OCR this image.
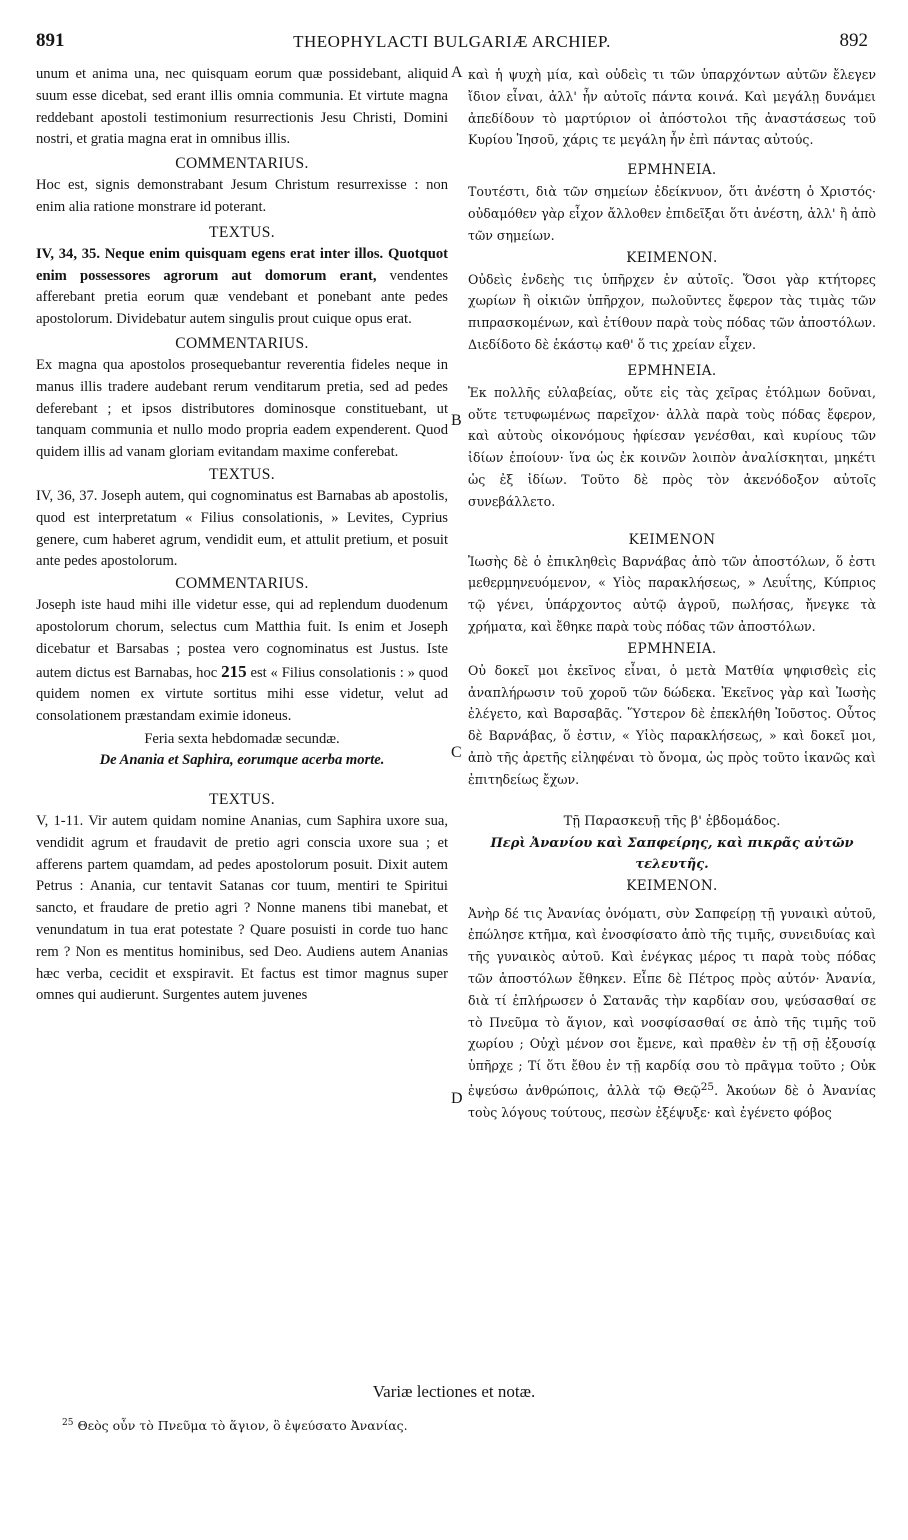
891	THEOPHYLACTI BULGARIÆ ARCHIEP.	892
A
B
C
D

unum et anima una, nec quisquam eorum quæ possidebant, aliquid suum esse dicebat, sed erant illis omnia communia. Et virtute magna reddebant apostoli testimonium resurrectionis Jesu Christi, Domini nostri, et gratia magna erat in omnibus illis.

COMMENTARIUS.

Hoc est, signis demonstrabant Jesum Christum resurrexisse : non enim alia ratione monstrare id poterant.

TEXTUS.

IV, 34, 35. Neque enim quisquam egens erat inter illos. Quotquot enim possessores agrorum aut domorum erant, vendentes afferebant pretia eorum quæ vendebant et ponebant ante pedes apostolorum. Dividebatur autem singulis prout cuique opus erat.

COMMENTARIUS.

Ex magna qua apostolos prosequebantur reverentia fideles neque in manus illis tradere audebant rerum venditarum pretia, sed ad pedes deferebant ; et ipsos distributores dominosque constituebant, ut tanquam communia et nullo modo propria eadem expenderent. Quod quidem illis ad vanam gloriam evitandam maxime conferebat.

TEXTUS.

IV, 36, 37. Joseph autem, qui cognominatus est Barnabas ab apostolis, quod est interpretatum « Filius consolationis, » Levites, Cyprius genere, cum haberet agrum, vendidit eum, et attulit pretium, et posuit ante pedes apostolorum.

COMMENTARIUS.

Joseph iste haud mihi ille videtur esse, qui ad replendum duodenum apostolorum chorum, selectus cum Matthia fuit. Is enim et Joseph dicebatur et Barsabas ; postea vero cognominatus est Justus. Iste autem dictus est Barnabas, hoc 215 est « Filius consolationis : » quod quidem nomen ex virtute sortitus mihi esse videtur, velut ad consolationem præstandam eximie idoneus.

Feria sexta hebdomadæ secundæ.

De Anania et Saphira, eorumque acerba morte.

TEXTUS.

V, 1-11. Vir autem quidam nomine Ananias, cum Saphira uxore sua, vendidit agrum et fraudavit de pretio agri conscia uxore sua ; et afferens partem quamdam, ad pedes apostolorum posuit. Dixit autem Petrus : Anania, cur tentavit Satanas cor tuum, mentiri te Spiritui sancto, et fraudare de pretio agri ? Nonne manens tibi manebat, et venundatum in tua erat potestate ? Quare posuisti in corde tuo hanc rem ? Non es mentitus hominibus, sed Deo. Audiens autem Ananias hæc verba, cecidit et exspiravit. Et factus est timor magnus super omnes qui audierunt. Surgentes autem juvenes

καὶ ἡ ψυχὴ μία, καὶ οὐδεὶς τι τῶν ὑπαρχόντων αὐτῶν ἔλεγεν ἴδιον εἶναι, ἀλλ' ἦν αὐτοῖς πάντα κοινά. Καὶ μεγάλῃ δυνάμει ἀπεδίδουν τὸ μαρτύριον οἱ ἀπόστολοι τῆς ἀναστάσεως τοῦ Κυρίου Ἰησοῦ, χάρις τε μεγάλη ἦν ἐπὶ πάντας αὐτούς.

ΕΡΜΗΝΕΙΑ.

Τουτέστι, διὰ τῶν σημείων ἐδείκνυον, ὅτι ἀνέστη ὁ Χριστός· οὐδαμόθεν γὰρ εἶχον ἄλλοθεν ἐπιδεῖξαι ὅτι ἀνέστη, ἀλλ' ἢ ἀπὸ τῶν σημείων.

ΚΕΙΜΕΝΟΝ.

Οὐδεὶς ἐνδεὴς τις ὑπῆρχεν ἐν αὐτοῖς. Ὅσοι γὰρ κτήτορες χωρίων ἢ οἰκιῶν ὑπῆρχον, πωλοῦντες ἔφερον τὰς τιμὰς τῶν πιπρασκομένων, καὶ ἐτίθουν παρὰ τοὺς πόδας τῶν ἀποστόλων. Διεδίδοτο δὲ ἑκάστῳ καθ' ὅ τις χρείαν εἶχεν.

ΕΡΜΗΝΕΙΑ.

Ἐκ πολλῆς εὐλαβείας, οὔτε εἰς τὰς χεῖρας ἐτόλμων δοῦναι, οὔτε τετυφωμένως παρεῖχον· ἀλλὰ παρὰ τοὺς πόδας ἔφερον, καὶ αὐτοὺς οἰκονόμους ἠφίεσαν γενέσθαι, καὶ κυρίους τῶν ἰδίων ἐποίουν· ἵνα ὡς ἐκ κοινῶν λοιπὸν ἀναλίσκηται, μηκέτι ὡς ἐξ ἰδίων. Τοῦτο δὲ πρὸς τὸν ἀκενόδοξον αὐτοῖς συνεβάλλετο.

ΚΕΙΜΕΝΟΝ

Ἰωσὴς δὲ ὁ ἐπικληθεὶς Βαρνάβας ἀπὸ τῶν ἀποστόλων, ὅ ἐστι μεθερμηνευόμενον, « Υἱὸς παρακλήσεως, » Λευΐτης, Κύπριος τῷ γένει, ὑπάρχοντος αὐτῷ ἀγροῦ, πωλήσας, ἤνεγκε τὰ χρήματα, καὶ ἔθηκε παρὰ τοὺς πόδας τῶν ἀποστόλων.

ΕΡΜΗΝΕΙΑ.

Οὐ δοκεῖ μοι ἐκεῖνος εἶναι, ὁ μετὰ Ματθία ψηφισθεὶς εἰς ἀναπλήρωσιν τοῦ χοροῦ τῶν δώδεκα. Ἐκεῖνος γὰρ καὶ Ἰωσὴς ἐλέγετο, καὶ Βαρσαβᾶς. Ὕστερον δὲ ἐπεκλήθη Ἰοῦστος. Οὗτος δὲ Βαρνάβας, ὅ ἐστιν, « Υἱὸς παρακλήσεως, » καὶ δοκεῖ μοι, ἀπὸ τῆς ἀρετῆς εἰληφέναι τὸ ὄνομα, ὡς πρὸς τοῦτο ἱκανῶς καὶ ἐπιτηδείως ἔχων.

Τῇ Παρασκευῇ τῆς β' ἑβδομάδος.

Περὶ Ἀνανίου καὶ Σαπφείρης, καὶ πικρᾶς αὐτῶν τελευτῆς.

ΚΕΙΜΕΝΟΝ.

Ἀνὴρ δέ τις Ἀνανίας ὀνόματι, σὺν Σαπφείρῃ τῇ γυναικὶ αὐτοῦ, ἐπώλησε κτῆμα, καὶ ἐνοσφίσατο ἀπὸ τῆς τιμῆς, συνειδυίας καὶ τῆς γυναικὸς αὐτοῦ. Καὶ ἐνέγκας μέρος τι παρὰ τοὺς πόδας τῶν ἀποστόλων ἔθηκεν. Εἶπε δὲ Πέτρος πρὸς αὐτόν· Ἀνανία, διὰ τί ἐπλήρωσεν ὁ Σατανᾶς τὴν καρδίαν σου, ψεύσασθαί σε τὸ Πνεῦμα τὸ ἅγιον, καὶ νοσφίσασθαί σε ἀπὸ τῆς τιμῆς τοῦ χωρίου ; Οὐχὶ μένον σοι ἔμενε, καὶ πραθὲν ἐν τῇ σῇ ἐξουσίᾳ ὑπῆρχε ; Τί ὅτι ἔθου ἐν τῇ καρδίᾳ σου τὸ πρᾶγμα τοῦτο ; Οὐκ ἐψεύσω ἀνθρώποις, ἀλλὰ τῷ Θεῷ$^{25}$. Ἀκούων δὲ ὁ Ἀνανίας τοὺς λόγους τούτους, πεσὼν ἐξέψυξε· καὶ ἐγένετο φόβος

Variæ lectiones et notæ.
$^{25}$ Θεὸς οὖν τὸ Πνεῦμα τὸ ἅγιον, ὃ ἐψεύσατο Ἀνανίας.
